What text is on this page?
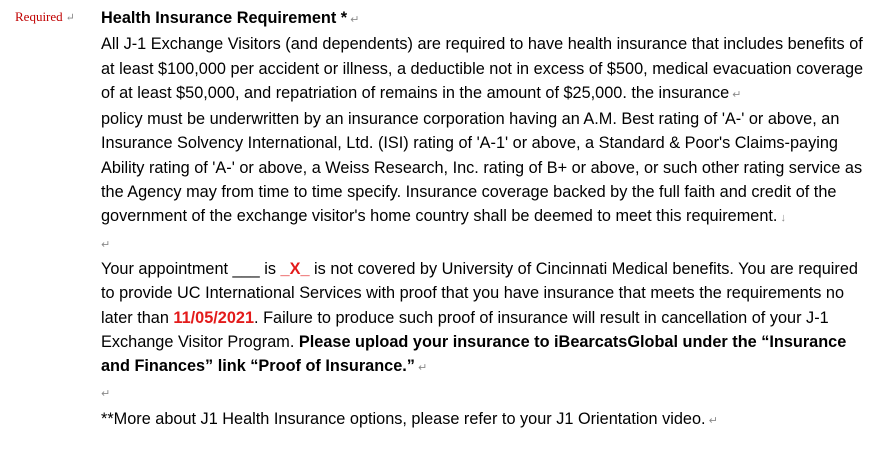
Required ↵ Health Insurance Requirement * ↵

All J-1 Exchange Visitors (and dependents) are required to have health insurance that includes benefits of at least $100,000 per accident or illness, a deductible not in excess of $500, medical evacuation coverage of at least $50,000, and repatriation of remains in the amount of $25,000. the insurance ↵

policy must be underwritten by an insurance corporation having an A.M. Best rating of 'A-' or above, an Insurance Solvency International, Ltd. (ISI) rating of 'A-1' or above, a Standard & Poor's Claims-paying Ability rating of 'A-' or above, a Weiss Research, Inc. rating of B+ or above, or such other rating service as the Agency may from time to time specify. Insurance coverage backed by the full faith and credit of the government of the exchange visitor's home country shall be deemed to meet this requirement. ↓

↵

Your appointment ___ is _X_ is not covered by University of Cincinnati Medical benefits. You are required to provide UC International Services with proof that you have insurance that meets the requirements no later than 11/05/2021. Failure to produce such proof of insurance will result in cancellation of your J-1 Exchange Visitor Program. Please upload your insurance to iBearcatsGlobal under the “Insurance and Finances” link “Proof of Insurance.” ↵

↵

**More about J1 Health Insurance options, please refer to your J1 Orientation video. ↵
